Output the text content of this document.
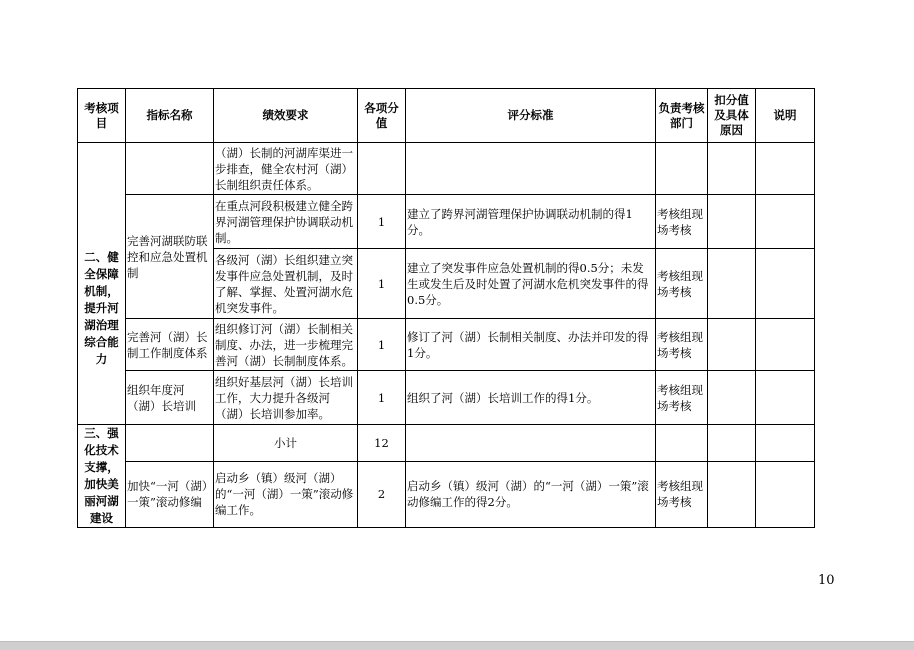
考核项目	指标名称	绩效要求	各项分值	评分标准	负责考核部门	扣分值及具体原因	说明
二、健全保障机制，提升河湖治理综合能力		（湖）长制的河湖库渠进一步排查，健全农村河（湖）长制组织责任体系。					
	完善河湖联防联控和应急处置机制	在重点河段积极建立健全跨界河湖管理保护协调联动机制。	1	建立了跨界河湖管理保护协调联动机制的得1分。	考核组现场考核		
		各级河（湖）长组织建立突发事件应急处置机制，及时了解、掌握、处置河湖水危机突发事件。	1	建立了突发事件应急处置机制的得0.5分；未发生或发生后及时处置了河湖水危机突发事件的得0.5分。	考核组现场考核		
	完善河（湖）长制工作制度体系	组织修订河（湖）长制相关制度、办法，进一步梳理完善河（湖）长制制度体系。	1	修订了河（湖）长制相关制度、办法并印发的得1分。	考核组现场考核		
	组织年度河（湖）长培训	组织好基层河（湖）长培训工作，大力提升各级河（湖）长培训参加率。	1	组织了河（湖）长培训工作的得1分。	考核组现场考核		
三、强化技术支撑，加快美丽河湖建设		小计	12				
	加快“一河（湖）一策”滚动修编	启动乡（镇）级河（湖）的“一河（湖）一策”滚动修编工作。	2	启动乡（镇）级河（湖）的“一河（湖）一策”滚动修编工作的得2分。	考核组现场考核		
10
